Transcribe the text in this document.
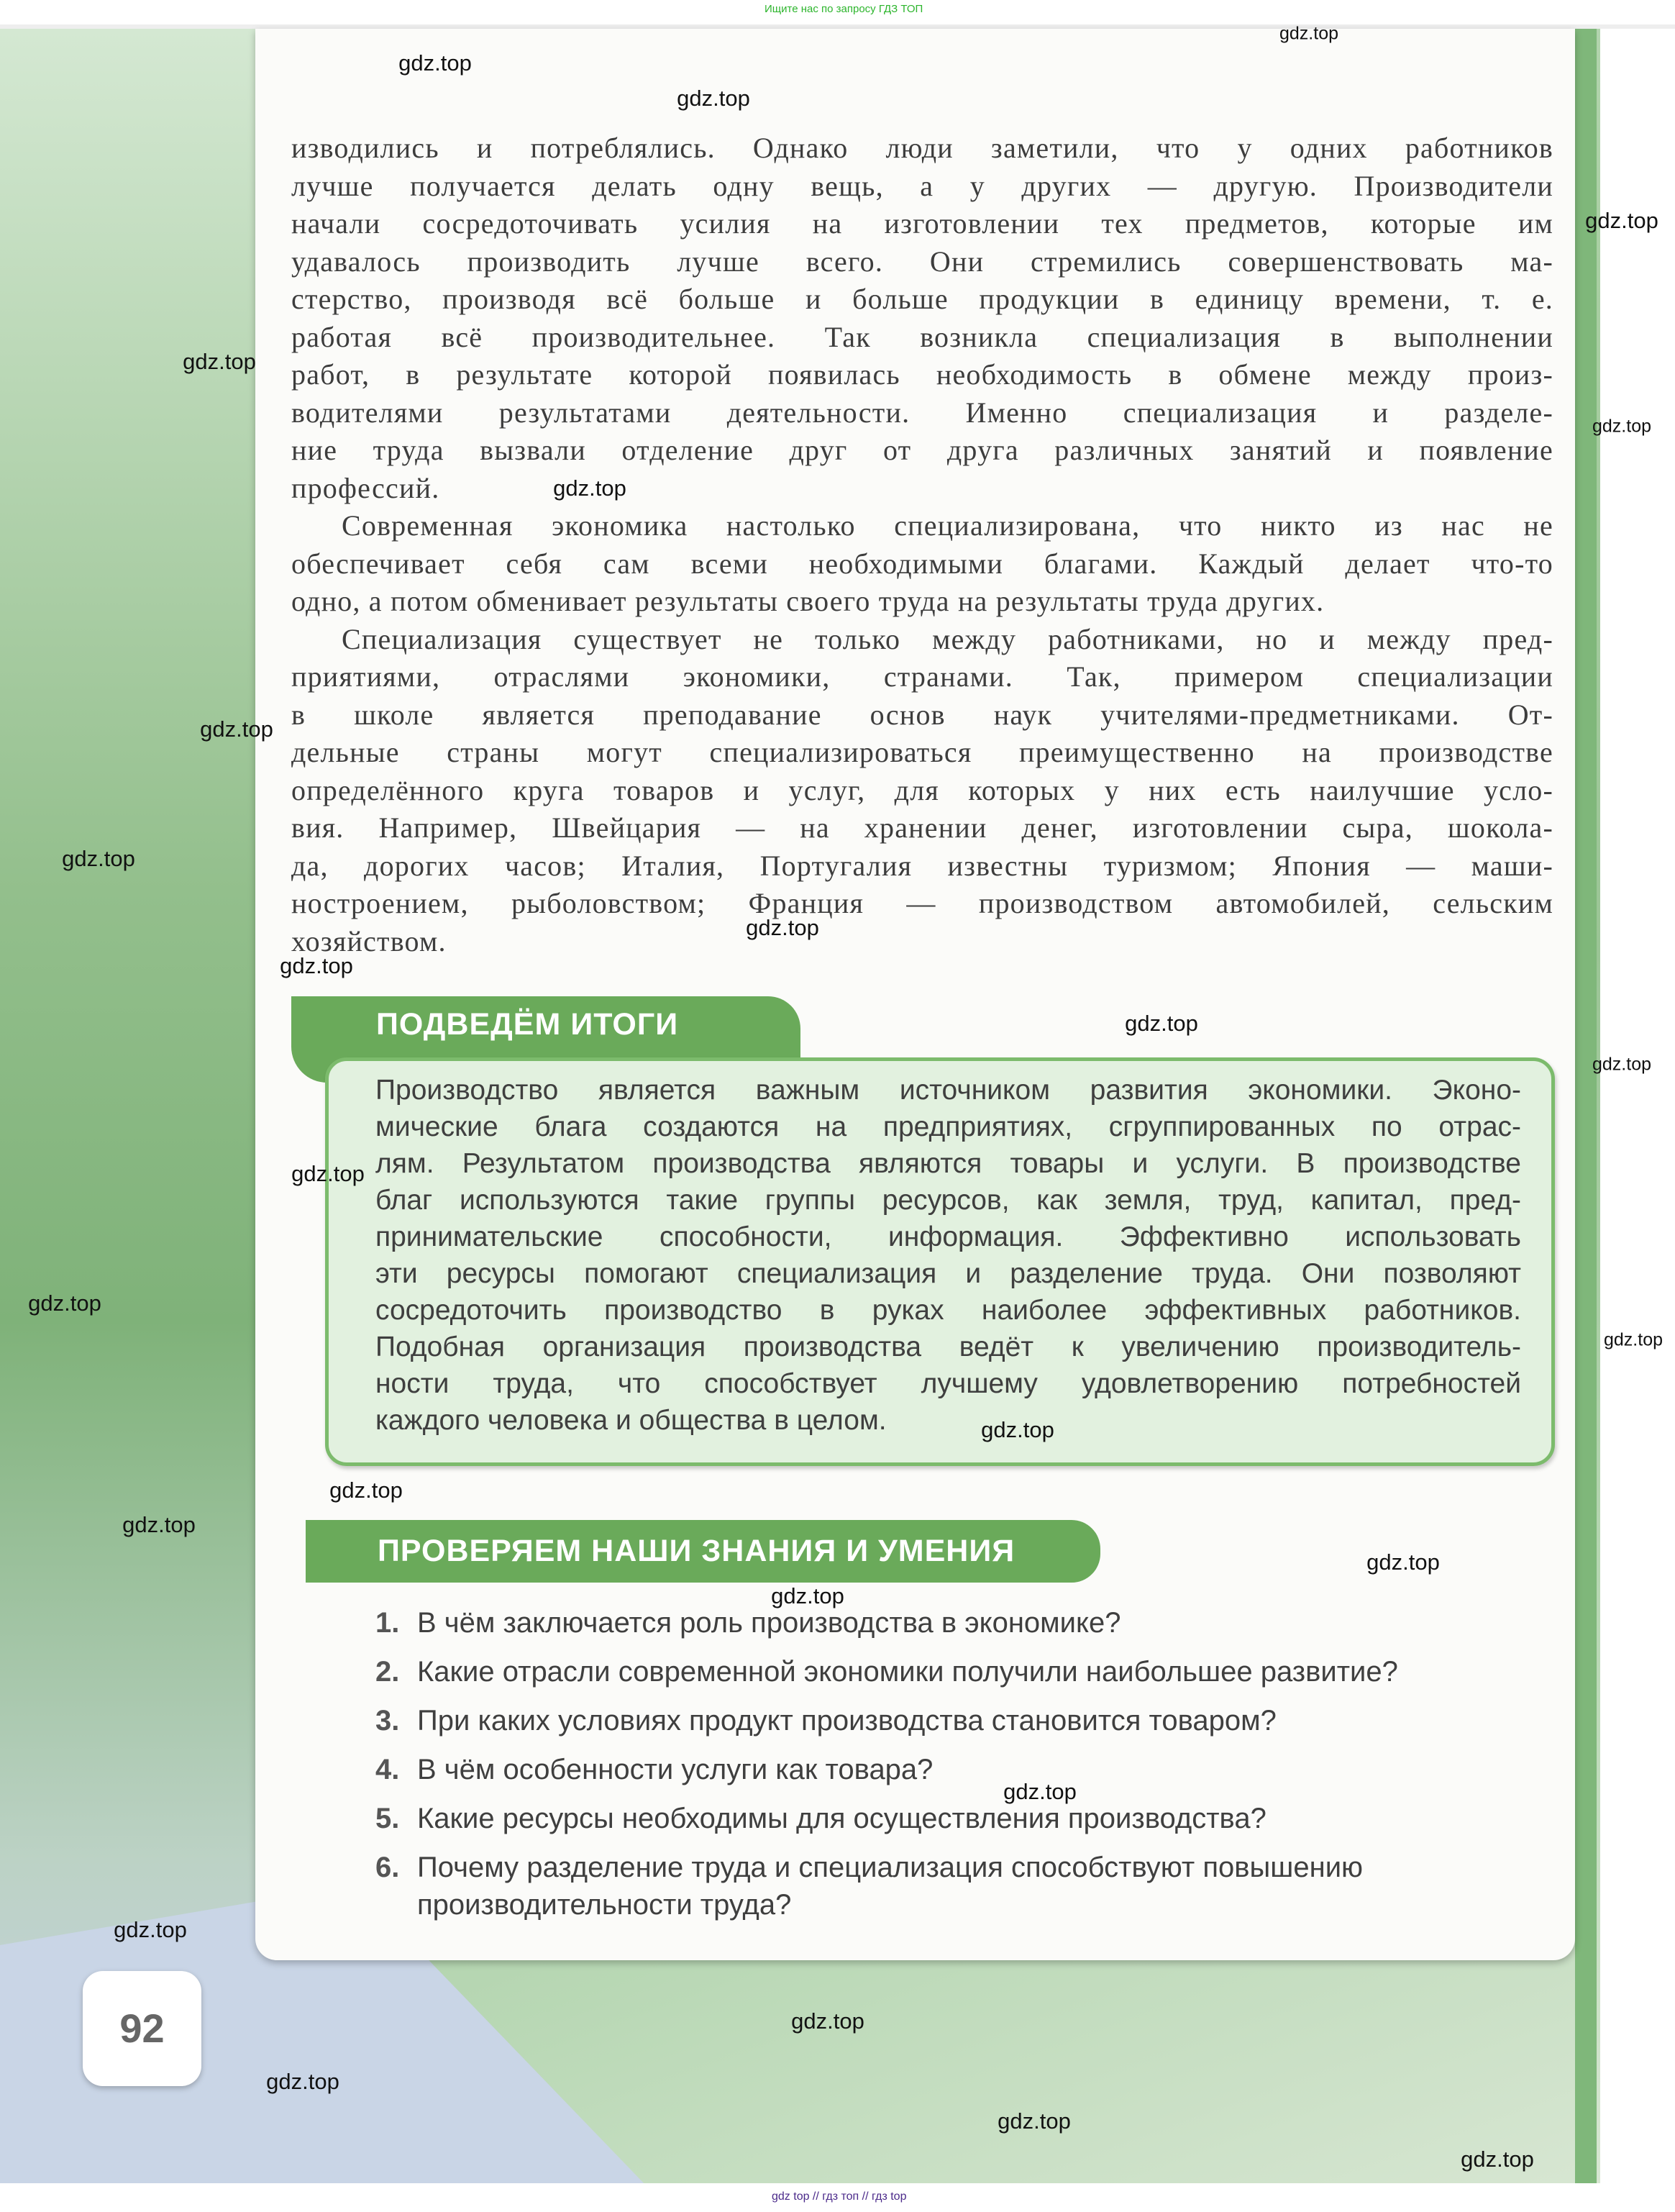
Ищите нас по запросу ГДЗ ТОП
изводились и потреблялись. Однако люди заметили, что у одних работников
лучше получается делать одну вещь, а у других — другую. Производители
начали сосредоточивать усилия на изготовлении тех предметов, которые им
удавалось производить лучше всего. Они стремились совершенствовать ма-
стерство, производя всё больше и больше продукции в единицу времени, т. е.
работая всё производительнее. Так возникла специализация в выполнении
работ, в результате которой появилась необходимость в обмене между произ-
водителями результатами деятельности. Именно специализация и разделе-
ние труда вызвали отделение друг от друга различных занятий и появление
профессий.
Современная экономика настолько специализирована, что никто из нас не
обеспечивает себя сам всеми необходимыми благами. Каждый делает что-то
одно, а потом обменивает результаты своего труда на результаты труда других.
Специализация существует не только между работниками, но и между пред-
приятиями, отраслями экономики, странами. Так, примером специализации
в школе является преподавание основ наук учителями-предметниками. От-
дельные страны могут специализироваться преимущественно на производстве
определённого круга товаров и услуг, для которых у них есть наилучшие усло-
вия. Например, Швейцария — на хранении денег, изготовлении сыра, шокола-
да, дорогих часов; Италия, Португалия известны туризмом; Япония — маши-
ностроением, рыболовством; Франция — производством автомобилей, сельским
хозяйством.
ПОДВЕДЁМ ИТОГИ
Производство является важным источником развития экономики. Эконо-
мические блага создаются на предприятиях, сгруппированных по отрас-
лям. Результатом производства являются товары и услуги. В производстве
благ используются такие группы ресурсов, как земля, труд, капитал, пред-
принимательские способности, информация. Эффективно использовать
эти ресурсы помогают специализация и разделение труда. Они позволяют
сосредоточить производство в руках наиболее эффективных работников.
Подобная организация производства ведёт к увеличению производитель-
ности труда, что способствует лучшему удовлетворению потребностей
каждого человека и общества в целом.
ПРОВЕРЯЕМ НАШИ ЗНАНИЯ И УМЕНИЯ
1. В чём заключается роль производства в экономике?
2. Какие отрасли современной экономики получили наибольшее развитие?
3. При каких условиях продукт производства становится товаром?
4. В чём особенности услуги как товара?
5. Какие ресурсы необходимы для осуществления производства?
6. Почему разделение труда и специализация способствуют повышению производительности труда?
92
gdz top // гдз топ // гдз top
gdz.top
gdz.top
gdz.top
gdz.top
gdz.top
gdz.top
gdz.top
gdz.top
gdz.top
gdz.top
gdz.top
gdz.top
gdz.top
gdz.top
gdz.top
gdz.top
gdz.top
gdz.top
gdz.top
gdz.top
gdz.top
gdz.top
gdz.top
gdz.top
gdz.top
gdz.top
gdz.top
